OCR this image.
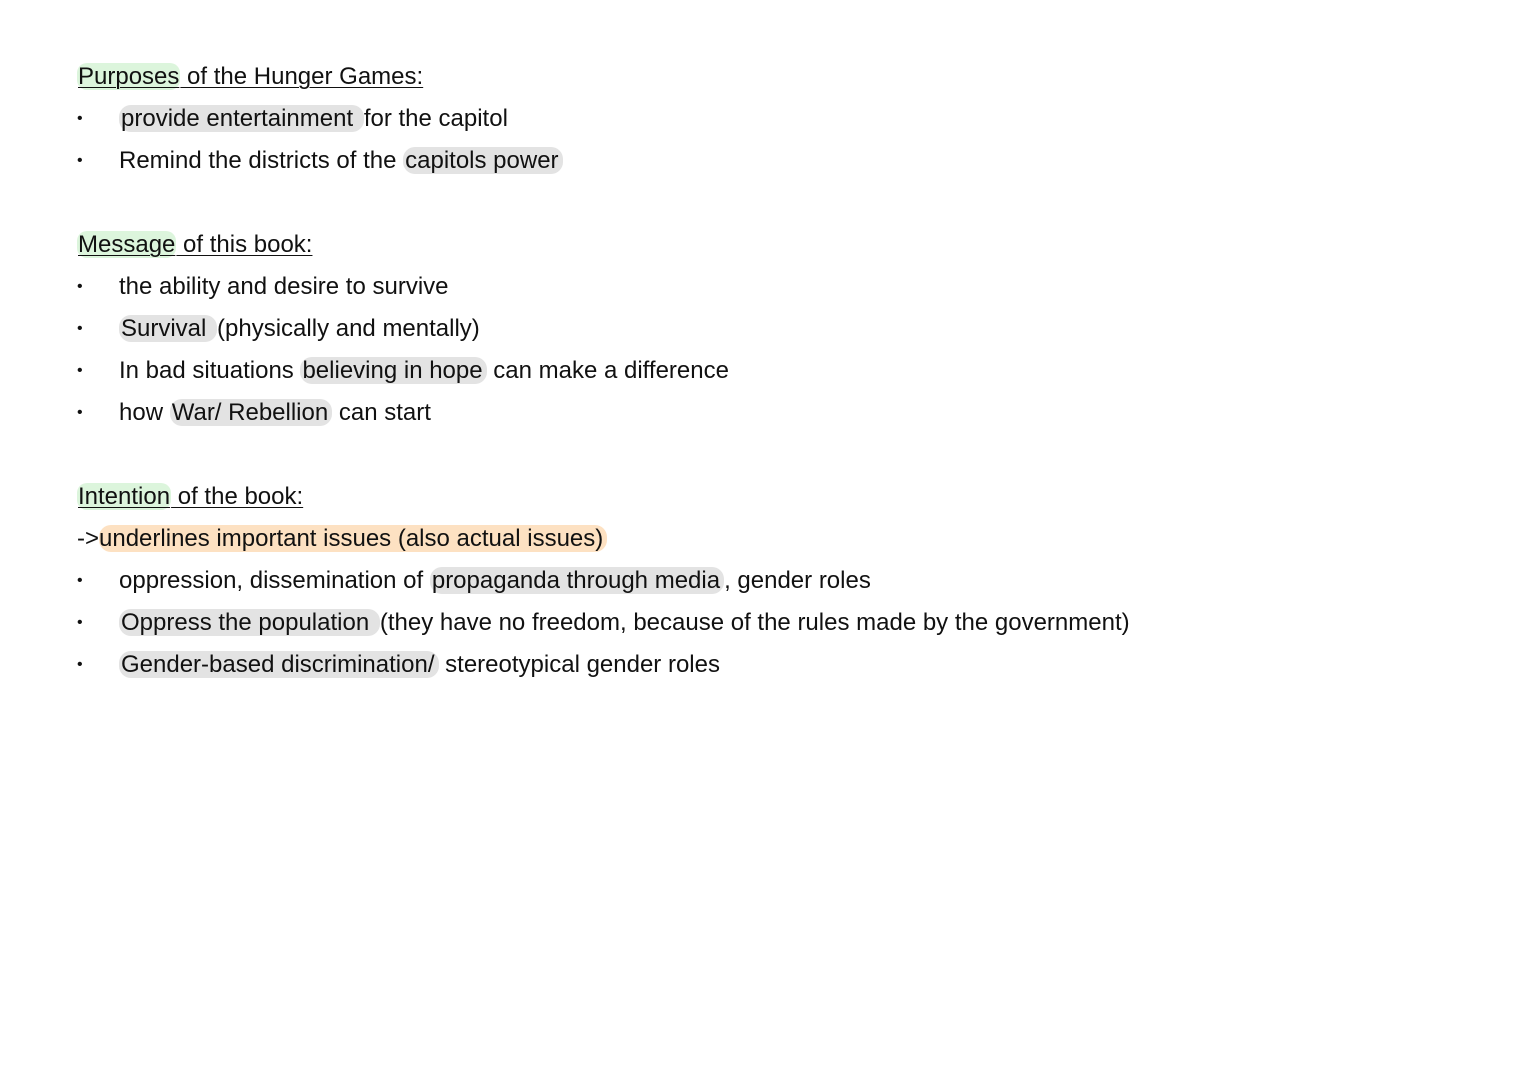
Purposes of the Hunger Games:
• provide entertainment for the capitol
• Remind the districts of the capitols power
Message of this book:
• the ability and desire to survive
• Survival (physically and mentally)
• In bad situations believing in hope can make a difference
• how War/ Rebellion can start
Intention of the book:
->underlines important issues (also actual issues)
• oppression, dissemination of propaganda through media , gender roles
• Oppress the population (they have no freedom, because of the rules made by the government)
• Gender-based discrimination/ stereotypical gender roles
